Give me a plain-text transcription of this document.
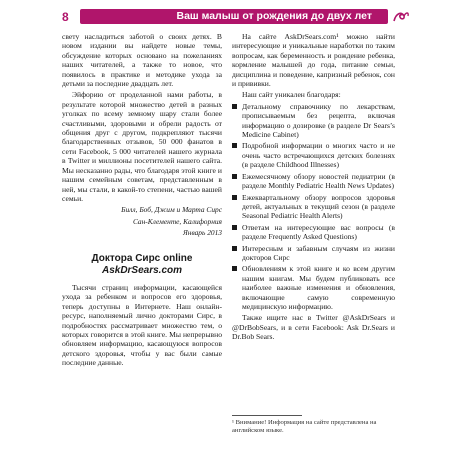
8	Ваш малыш от рождения до двух лет

свету насладиться заботой о своих детях. В новом издании вы найдете новые темы, обсуждение которых основано на пожеланиях наших читателей, а также то новое, что появилось в практике и методике ухода за детьми за последние двадцать лет.

Эйфорию от проделанной нами работы, в результате которой множество детей в разных уголках по всему земному шару стали более счастливыми, здоровыми и обрели радость от общения друг с другом, подкрепляют тысячи благодарственных отзывов, 50 000 фанатов в сети Facebook, 5 000 читателей нашего журнала в Twitter и миллионы посетителей нашего сайта. Мы несказанно рады, что благодаря этой книге и нашим семейным советам, представленным в ней, мы стали, в какой-то степени, частью вашей семьи.

Билл, Боб, Джим и Марта Сирс
Сан-Клементе, Калифорния
Январь 2013
Доктора Сирс online
AskDrSears.com

Тысячи страниц информации, касающейся ухода за ребенком и вопросов его здоровья, теперь доступны в Интернете. Наш онлайн-ресурс, наполняемый лично докторами Сирс, в подробностях рассматривает множество тем, о которых говорится в этой книге. Мы непрерывно обновляем информацию, касающуюся вопросов детского здоровья, чтобы у вас были самые последние данные.

На сайте AskDrSears.com¹ можно найти интересующие и уникальные наработки по таким вопросам, как беременность и рождение ребенка, кормление малышей до года, питание семьи, дисциплина и поведение, капризный ребенок, сон и прививки.

Наш сайт уникален благодаря:

Детальному справочнику по лекарствам, прописываемым без рецепта, включая информацию о дозировке (в разделе Dr Sears’s Medicine Cabinet)
Подробной информации о многих часто и не очень часто встречающихся детских болезнях (в разделе Childhood Illnesses)
Ежемесячному обзору новостей педиатрии (в разделе Monthly Pediatric Health News Updates)
Ежеквартальному обзору вопросов здоровья детей, актуальных в текущий сезон (в разделе Seasonal Pediatric Health Alerts)
Ответам на интересующие вас вопросы (в разделе Frequently Asked Questions)
Интересным и забавным случаям из жизни докторов Сирс
Обновлениям к этой книге и ко всем другим нашим книгам. Мы будем публиковать все наиболее важные изменения и обновления, включающие самую современную медицинскую информацию.

Также ищите нас в Twitter @AskDrSears и @DrBobSears, и в сети Facebook: Ask Dr.Sears и Dr.Bob Sears.

¹ Внимание! Информация на сайте представлена на английском языке.
